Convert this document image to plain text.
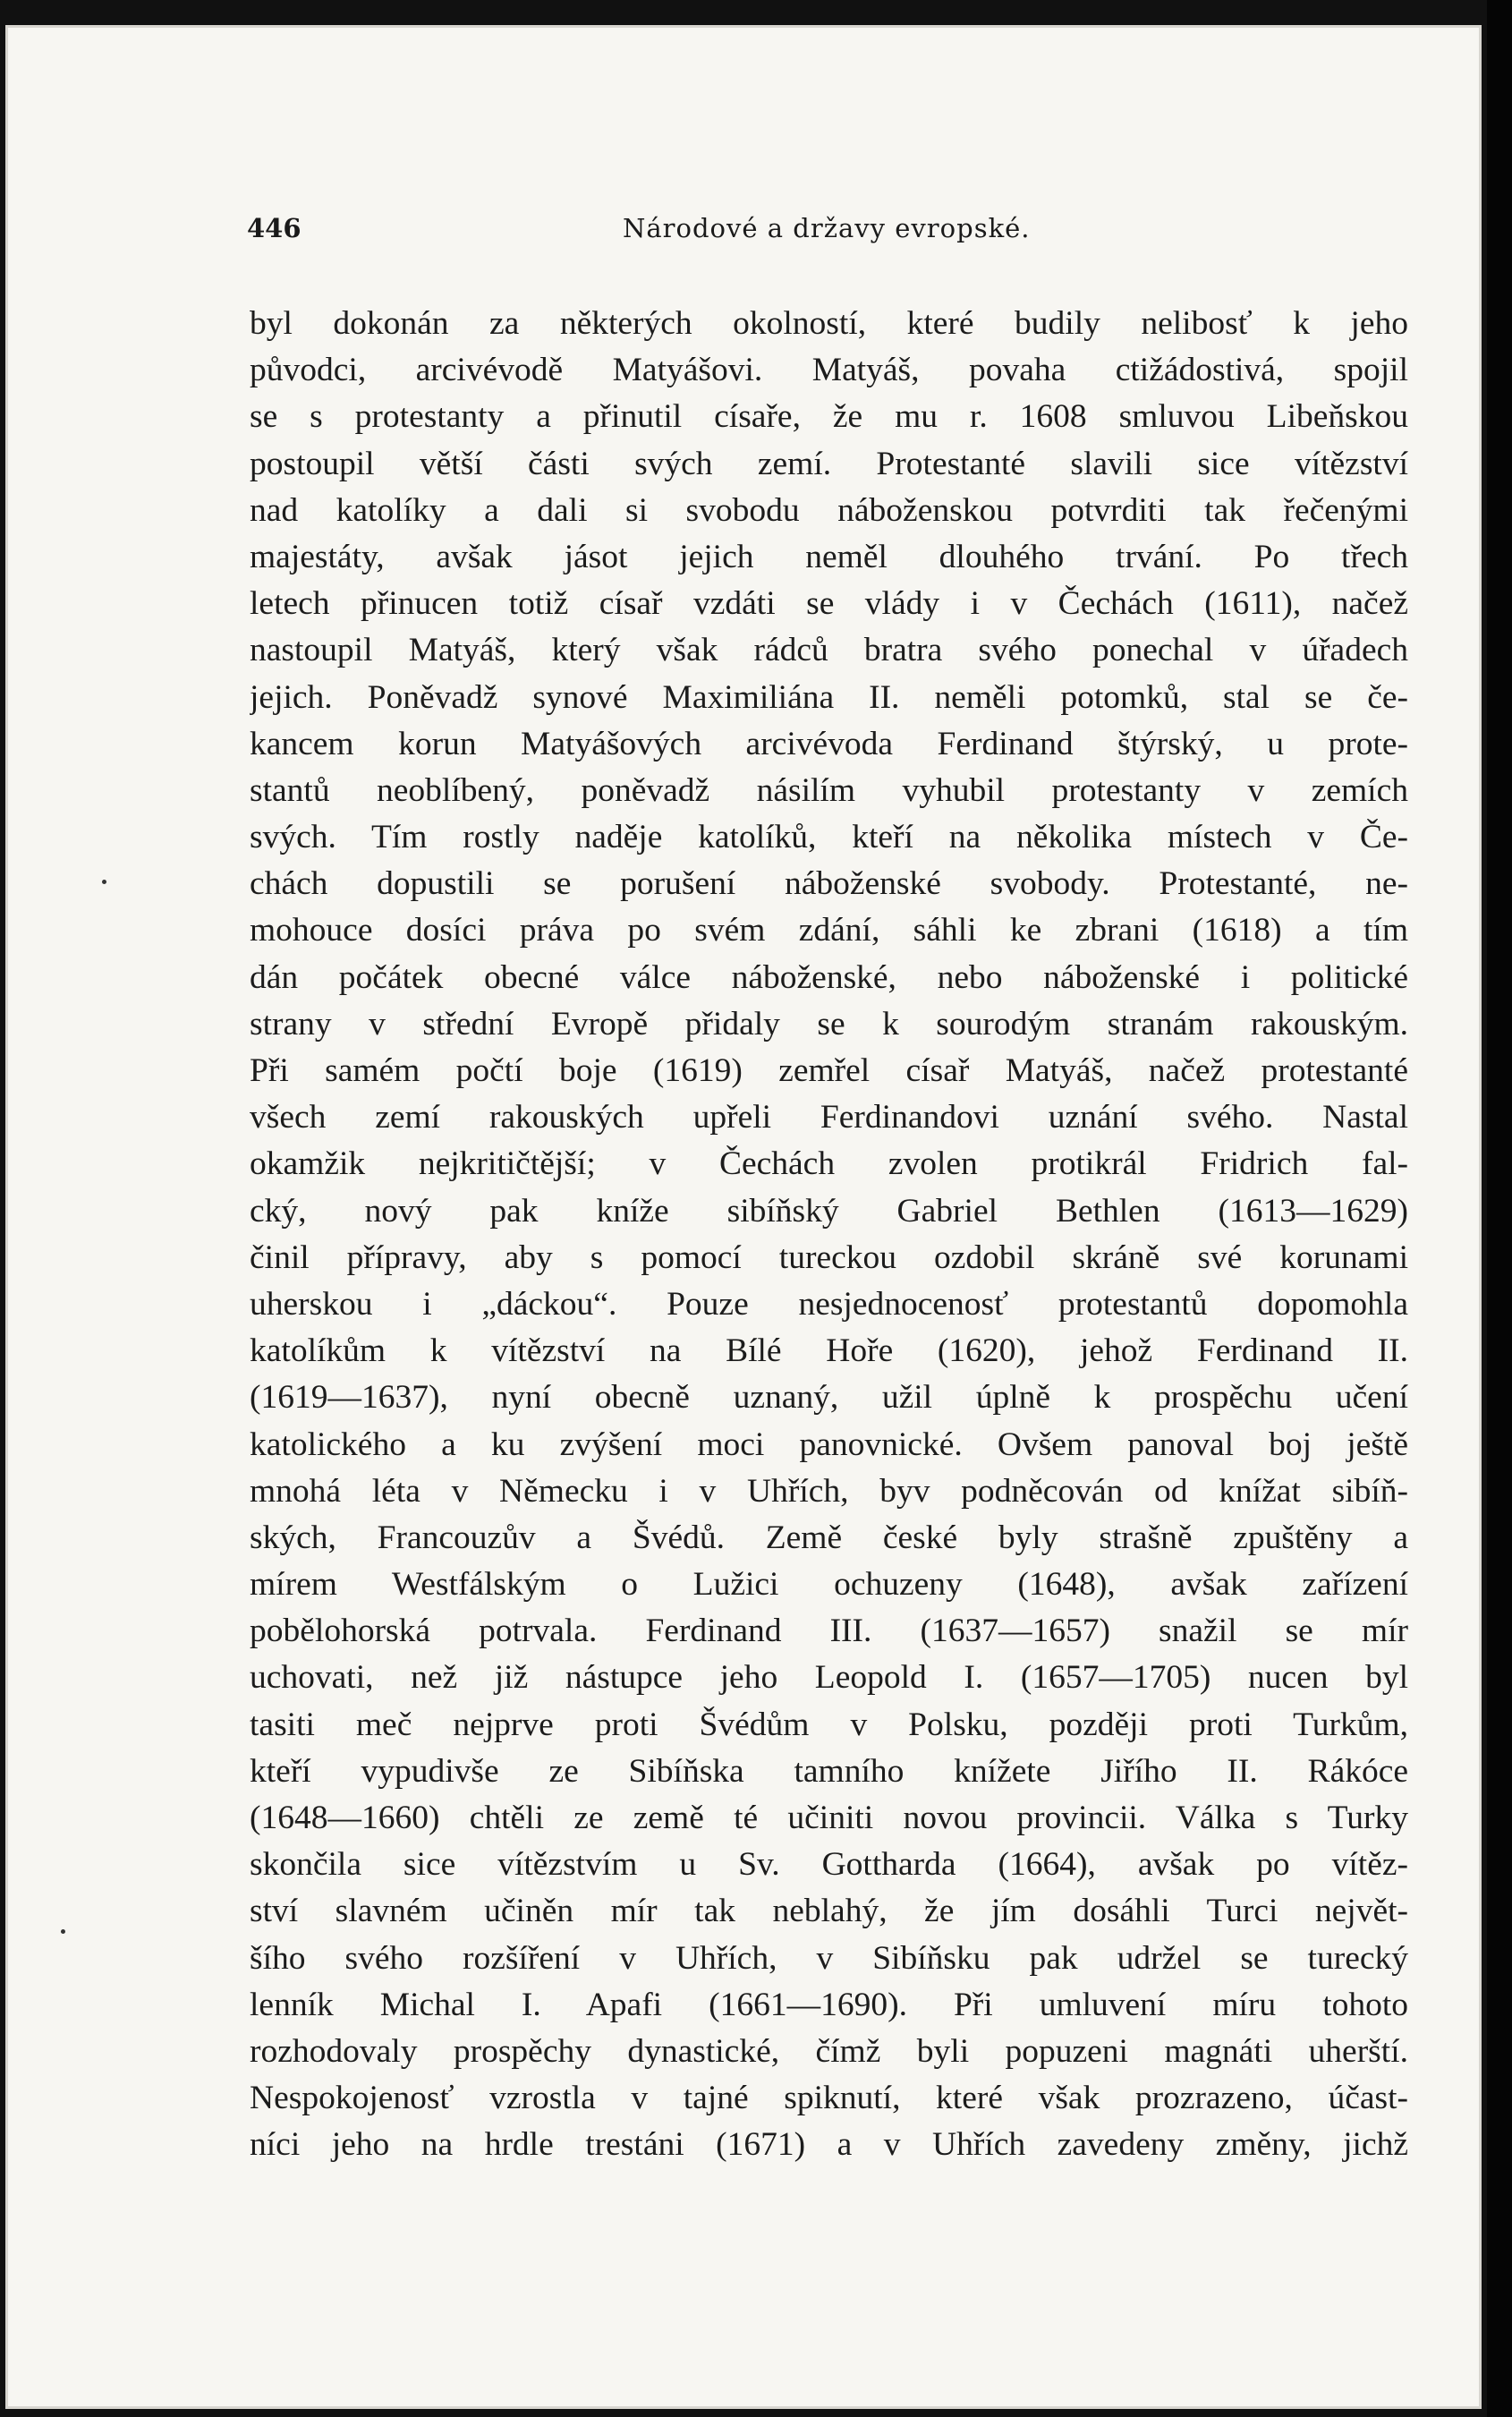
446	Národové a državy evropské.
byl dokonán za některých okolností, které budily nelibosť k jeho
původci, arcivévodě Matyášovi. Matyáš, povaha ctižádostivá, spojil
se s protestanty a přinutil císaře, že mu r. 1608 smluvou Libeňskou
postoupil větší části svých zemí. Protestanté slavili sice vítězství
nad katolíky a dali si svobodu náboženskou potvrditi tak řečenými
majestáty, avšak jásot jejich neměl dlouhého trvání. Po třech
letech přinucen totiž císař vzdáti se vlády i v Čechách (1611), načež
nastoupil Matyáš, který však rádců bratra svého ponechal v úřadech
jejich. Poněvadž synové Maximiliána II. neměli potomků, stal se če-
kancem korun Matyášových arcivévoda Ferdinand štýrský, u prote-
stantů neoblíbený, poněvadž násilím vyhubil protestanty v zemích
svých. Tím rostly naděje katolíků, kteří na několika místech v Če-
chách dopustili se porušení náboženské svobody. Protestanté, ne-
mohouce dosíci práva po svém zdání, sáhli ke zbrani (1618) a tím
dán počátek obecné válce náboženské, nebo náboženské i politické
strany v střední Evropě přidaly se k sourodým stranám rakouským.
Při samém počtí boje (1619) zemřel císař Matyáš, načež protestanté
všech zemí rakouských upřeli Ferdinandovi uznání svého. Nastal
okamžik nejkritičtější; v Čechách zvolen protikrál Fridrich fal-
cký, nový pak kníže sibíňský Gabriel Bethlen (1613—1629)
činil přípravy, aby s pomocí tureckou ozdobil skráně své korunami
uherskou i „dáckou“. Pouze nesjednocenosť protestantů dopomohla
katolíkům k vítězství na Bílé Hoře (1620), jehož Ferdinand II.
(1619—1637), nyní obecně uznaný, užil úplně k prospěchu učení
katolického a ku zvýšení moci panovnické. Ovšem panoval boj ještě
mnohá léta v Německu i v Uhřích, byv podněcován od knížat sibíň-
ských, Francouzův a Švédů. Země české byly strašně zpuštěny a
mírem Westfálským o Lužici ochuzeny (1648), avšak zařízení
pobělohorská potrvala. Ferdinand III. (1637—1657) snažil se mír
uchovati, než již nástupce jeho Leopold I. (1657—1705) nucen byl
tasiti meč nejprve proti Švédům v Polsku, později proti Turkům,
kteří vypudivše ze Sibíňska tamního knížete Jiřího II. Rákóce
(1648—1660) chtěli ze země té učiniti novou provincii. Válka s Turky
skončila sice vítězstvím u Sv. Gottharda (1664), avšak po vítěz-
ství slavném učiněn mír tak neblahý, že jím dosáhli Turci největ-
šího svého rozšíření v Uhřích, v Sibíňsku pak udržel se turecký
lenník Michal I. Apafi (1661—1690). Při umluvení míru tohoto
rozhodovaly prospěchy dynastické, čímž byli popuzeni magnáti uherští.
Nespokojenosť vzrostla v tajné spiknutí, které však prozrazeno, účast-
níci jeho na hrdle trestáni (1671) a v Uhřích zavedeny změny, jichž
